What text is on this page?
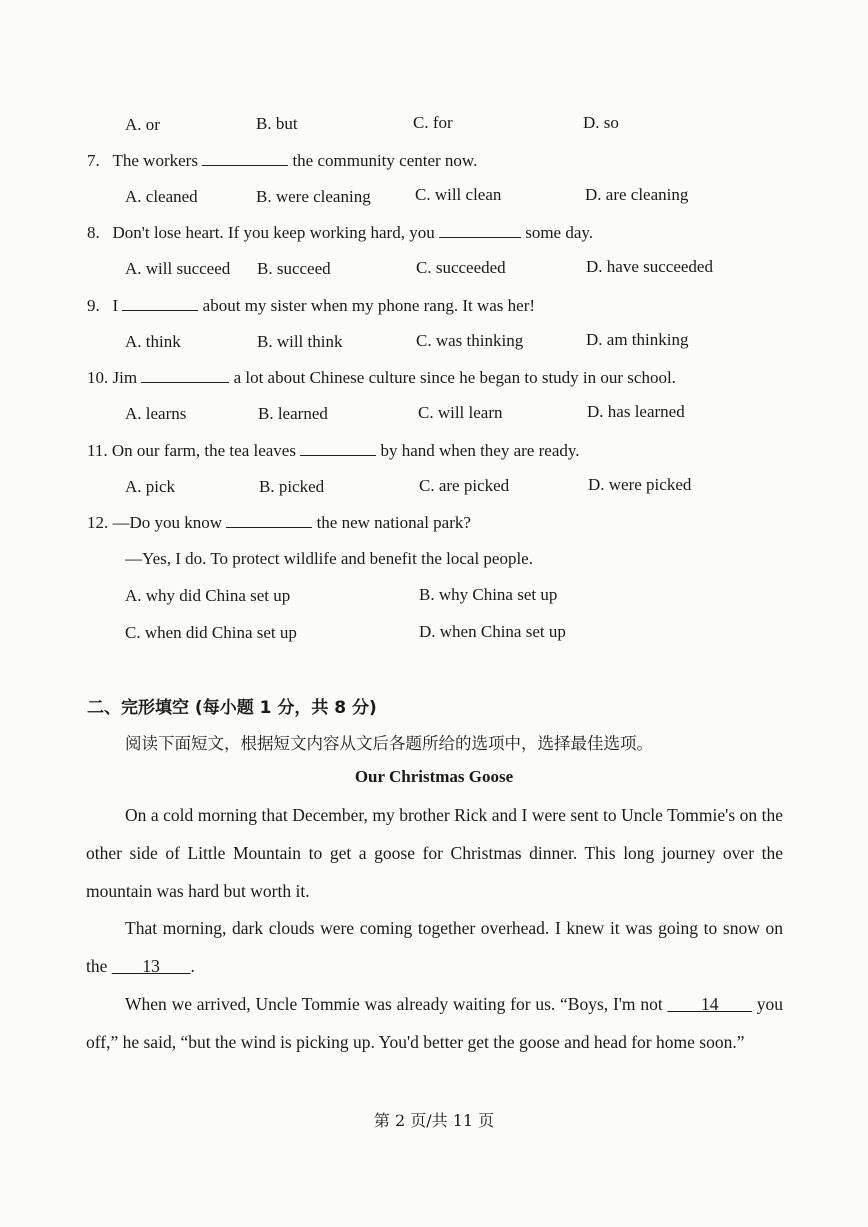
A. or	B. but	C. for	D. so
7. The workers	the community center now.
A. cleaned	B. were cleaning	C. will clean	D. are cleaning
8. Don't lose heart. If you keep working hard, you	some day.
A. will succeed B. succeed	C. succeeded	D. have succeeded
9. I	about my sister when my phone rang. It was her!
A. think	B. will think	C. was thinking	D. am thinking
10. Jim	a lot about Chinese culture since he began to study in our school.
A. learns	B. learned	C. will learn	D. has learned
11. On our farm, the tea leaves	by hand when they are ready.
A. pick	B. picked	C. are picked	D. were picked
12. —Do you know	the new national park?
—Yes, I do. To protect wildlife and benefit the local people.
A. why did China set up	B. why China set up
C. when did China set up	D. when China set up
二、完形填空 (每小题 1 分，共 8 分)
阅读下面短文，根据短文内容从文后各题所给的选项中，选择最佳选项。
Our Christmas Goose
On a cold morning that December, my brother Rick and I were sent to Uncle Tommie's on the other side of Little Mountain to get a goose for Christmas dinner. This long journey over the mountain was hard but worth it.
That morning, dark clouds were coming together overhead. I knew it was going to snow on the 13 .
When we arrived, Uncle Tommie was already waiting for us. “Boys, I'm not 14 you off,” he said, “but the wind is picking up. You'd better get the goose and head for home soon.”
第 2 页/共 11 页
